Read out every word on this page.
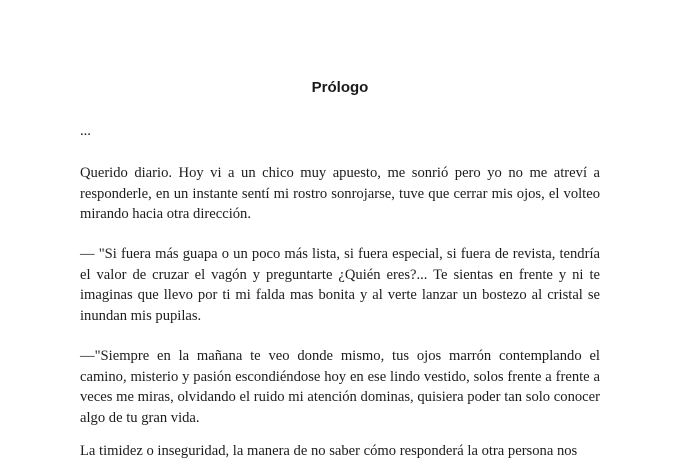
Prólogo

...

Querido diario. Hoy vi a un chico muy apuesto, me sonrió pero yo no me atreví a responderle, en un instante sentí mi rostro sonrojarse, tuve que cerrar mis ojos, el volteo mirando hacia otra dirección.

— "Si fuera más guapa o un poco más lista, si fuera especial, si fuera de revista, tendría el valor de cruzar el vagón y preguntarte ¿Quién eres?... Te sientas en frente y ni te imaginas que llevo por ti mi falda mas bonita y al verte lanzar un bostezo al cristal se inundan mis pupilas.

—"Siempre en la mañana te veo donde mismo, tus ojos marrón contemplando el camino, misterio y pasión escondiéndose hoy en ese lindo vestido, solos frente a frente a veces me miras, olvidando el ruido mi atención dominas, quisiera poder tan solo conocer algo de tu gran vida.

La timidez o inseguridad, la manera de no saber cómo responderá la otra persona nos
